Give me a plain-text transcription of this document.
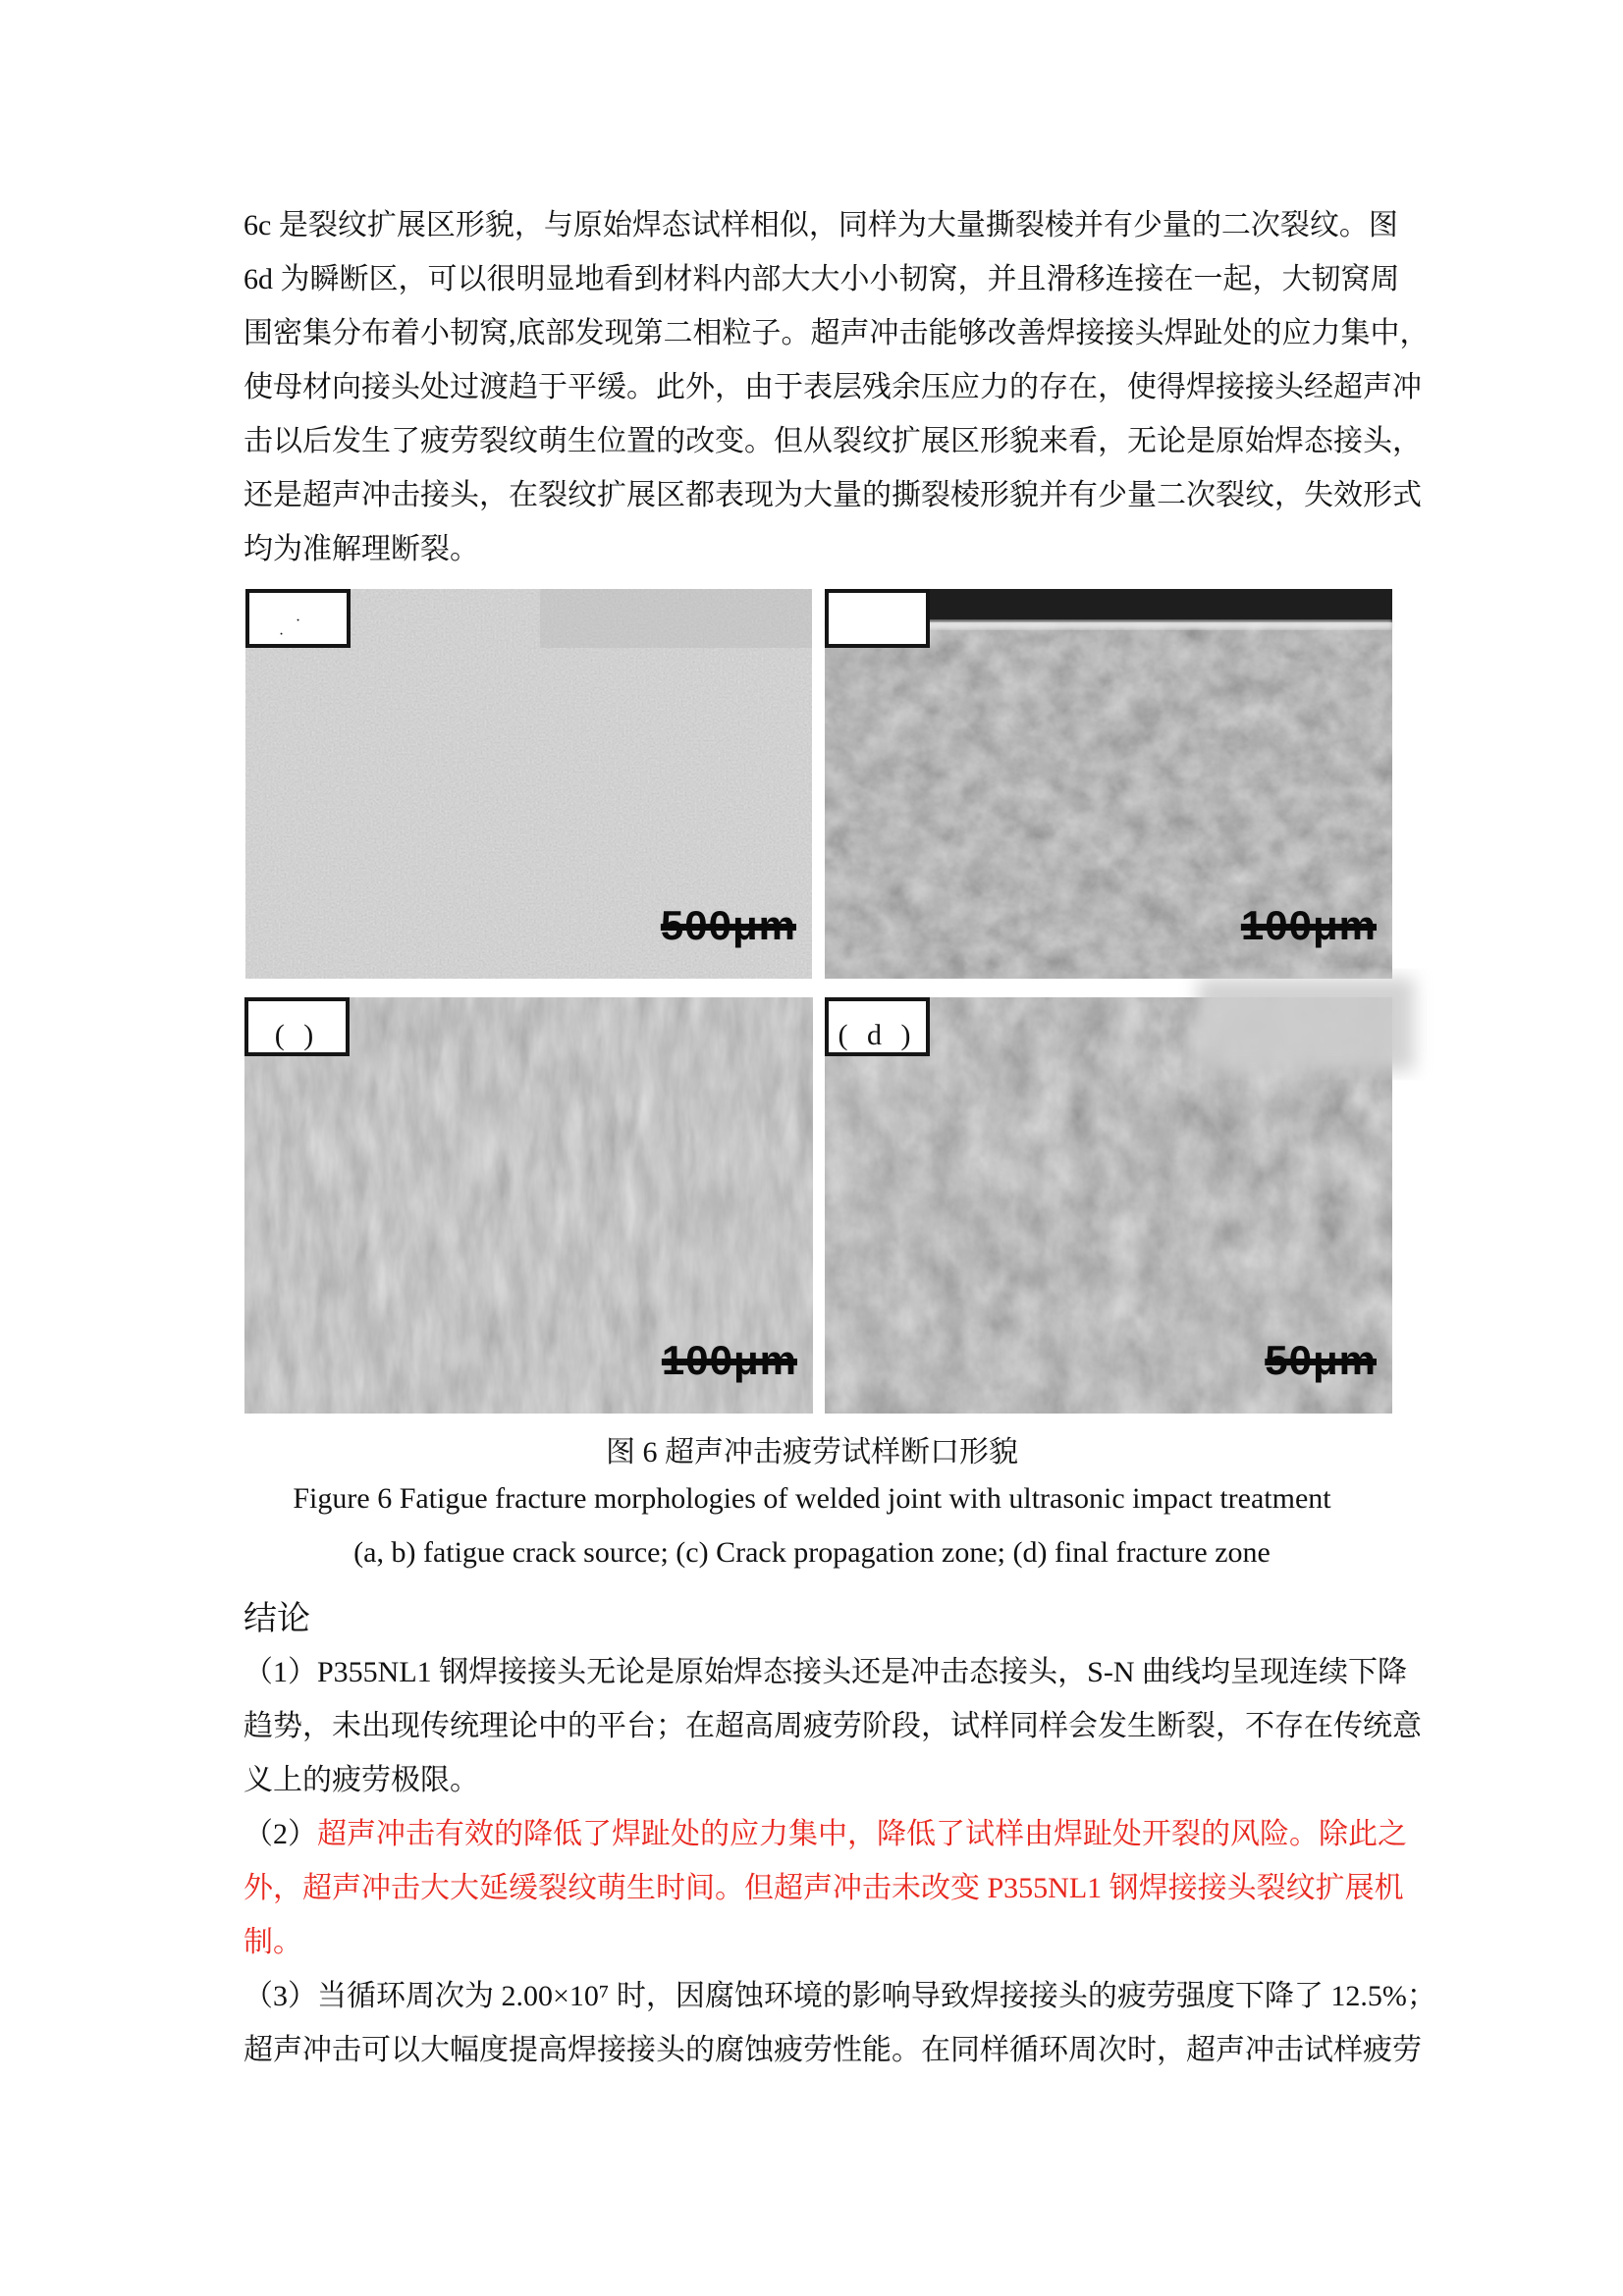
6c 是裂纹扩展区形貌，与原始焊态试样相似，同样为大量撕裂棱并有少量的二次裂纹。图
6d 为瞬断区，可以很明显地看到材料内部大大小小韧窝，并且滑移连接在一起，大韧窝周
围密集分布着小韧窝,底部发现第二相粒子。超声冲击能够改善焊接接头焊趾处的应力集中，
使母材向接头处过渡趋于平缓。此外，由于表层残余压应力的存在，使得焊接接头经超声冲
击以后发生了疲劳裂纹萌生位置的改变。但从裂纹扩展区形貌来看，无论是原始焊态接头，
还是超声冲击接头，在裂纹扩展区都表现为大量的撕裂棱形貌并有少量二次裂纹，失效形式
均为准解理断裂。
· ·
500μm	100μm
( )
100μm
( d )
50μm
图 6 超声冲击疲劳试样断口形貌
Figure 6 Fatigue fracture morphologies of welded joint with ultrasonic impact treatment
(a, b) fatigue crack source; (c) Crack propagation zone; (d) final fracture zone
结论
（1）P355NL1 钢焊接接头无论是原始焊态接头还是冲击态接头，S-N 曲线均呈现连续下降
趋势，未出现传统理论中的平台；在超高周疲劳阶段，试样同样会发生断裂，不存在传统意
义上的疲劳极限。
（2）超声冲击有效的降低了焊趾处的应力集中，降低了试样由焊趾处开裂的风险。除此之
外，超声冲击大大延缓裂纹萌生时间。但超声冲击未改变 P355NL1 钢焊接接头裂纹扩展机
制。
（3）当循环周次为 2.00×10⁷ 时，因腐蚀环境的影响导致焊接接头的疲劳强度下降了 12.5%；
超声冲击可以大幅度提高焊接接头的腐蚀疲劳性能。在同样循环周次时，超声冲击试样疲劳
